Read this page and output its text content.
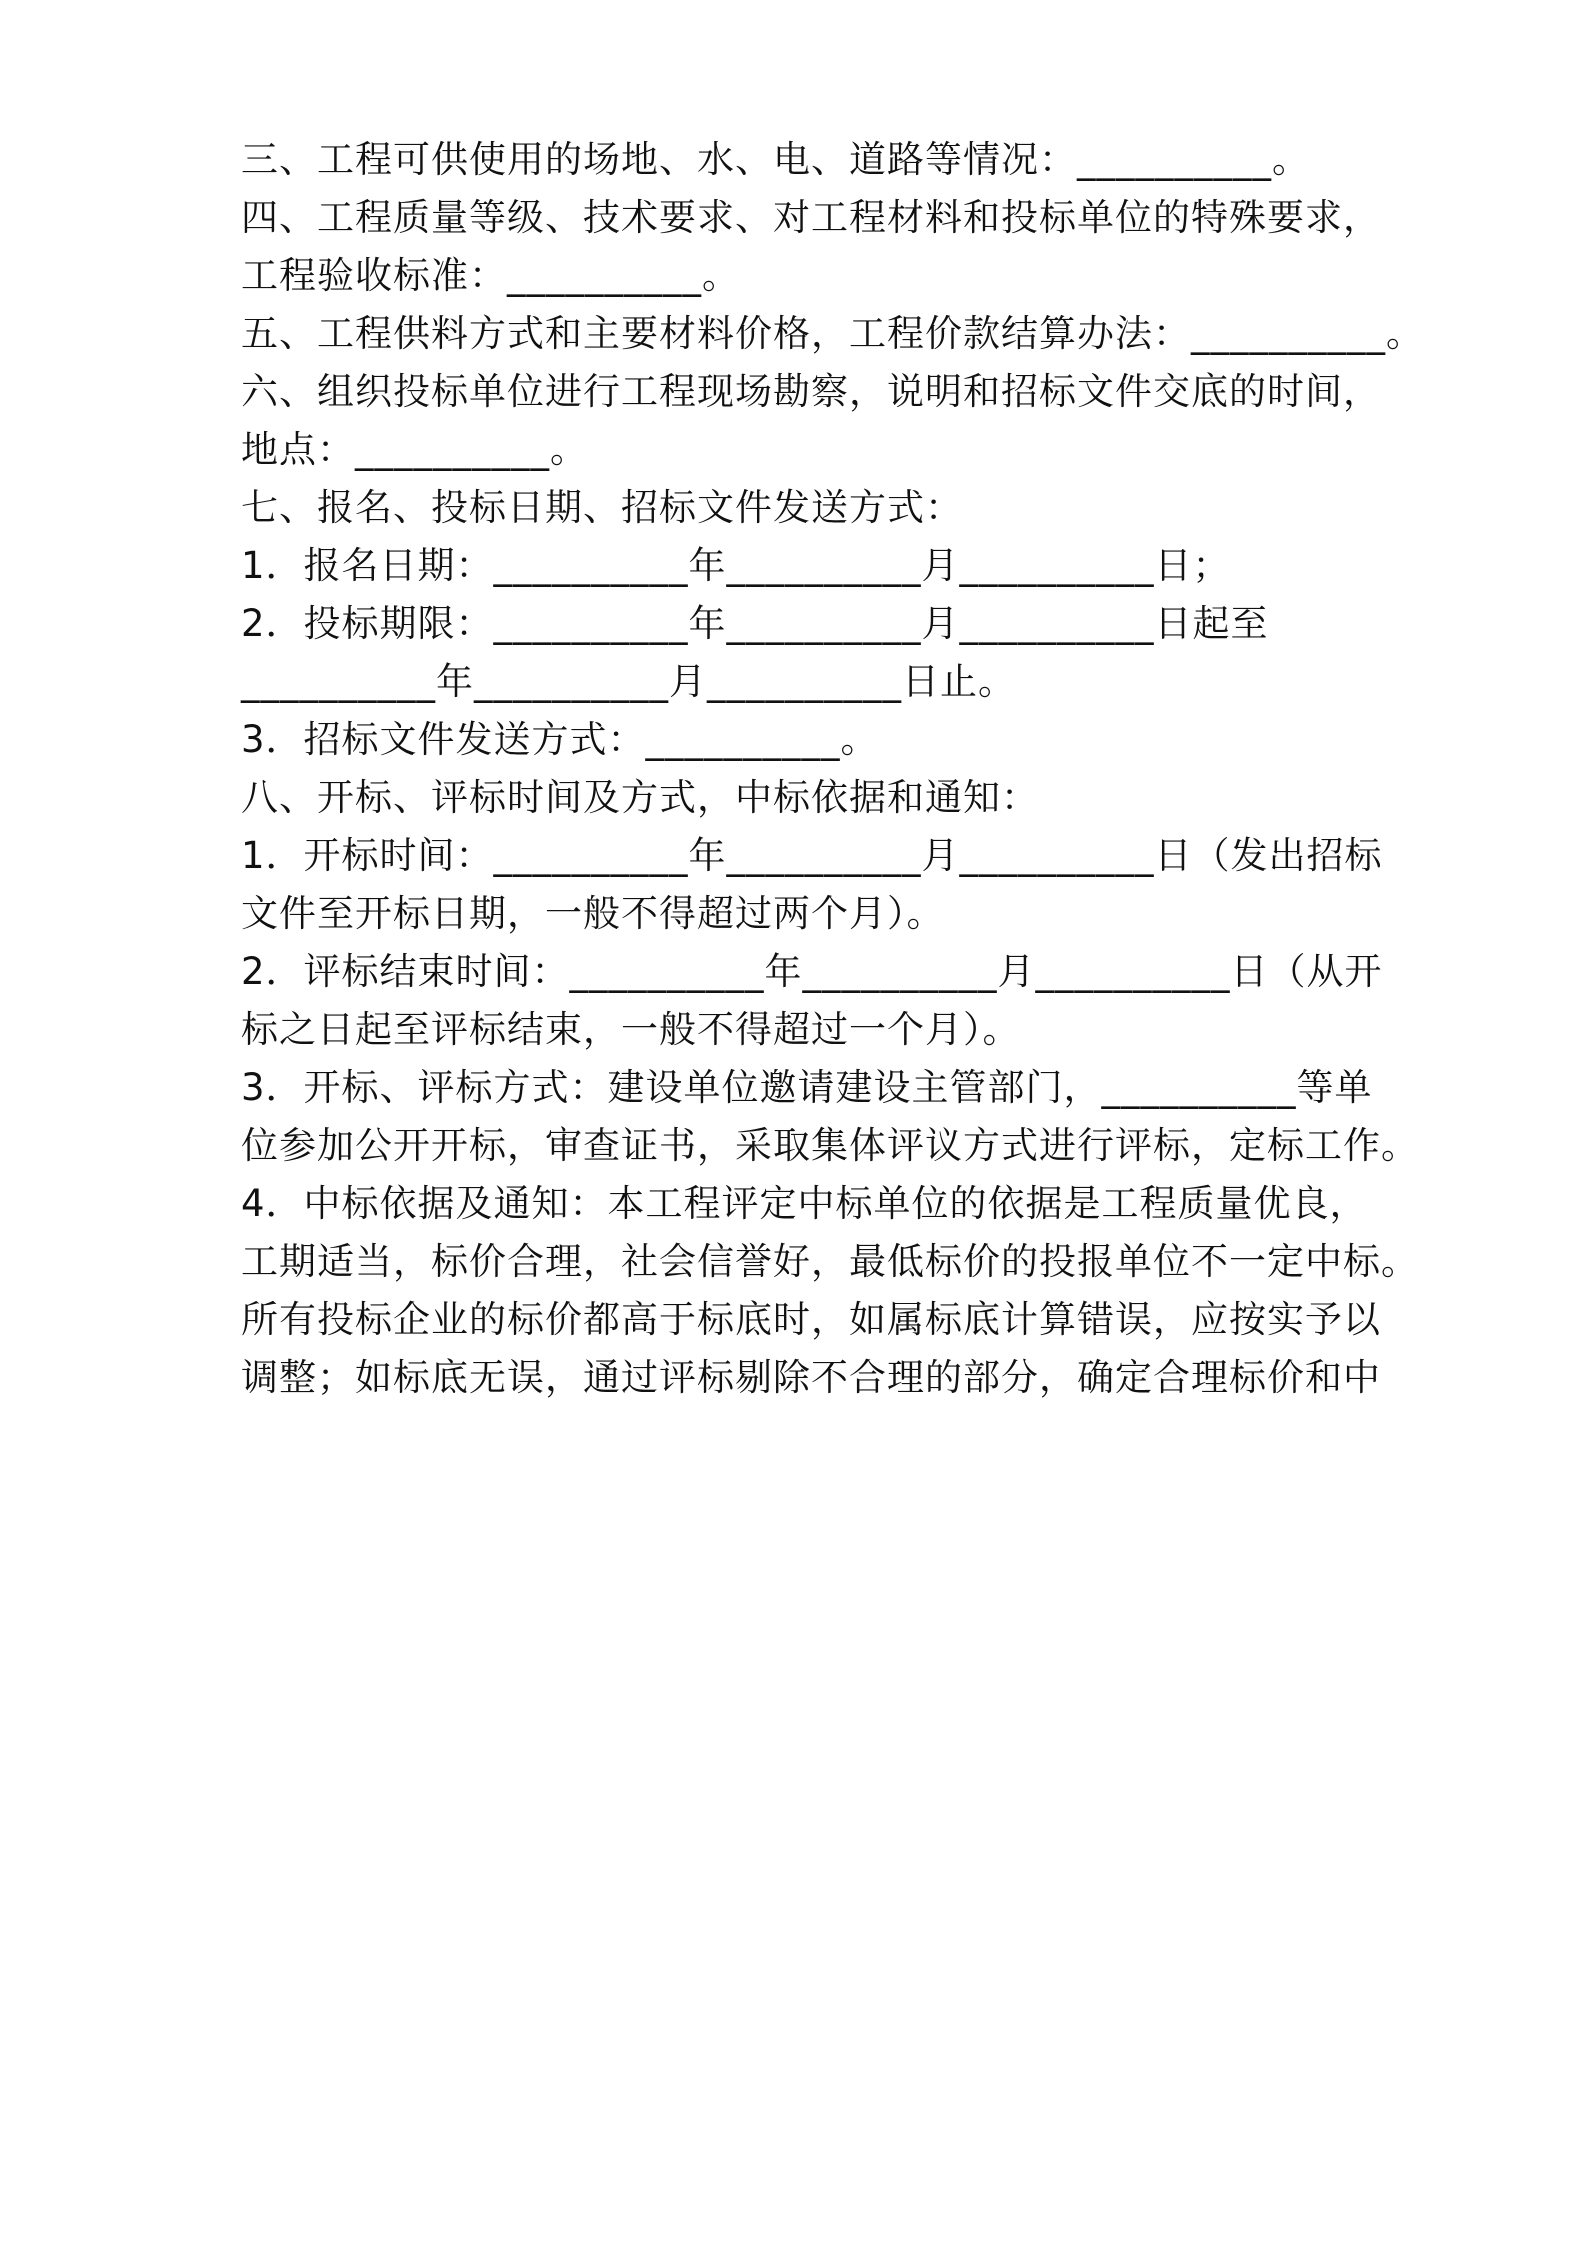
三、工程可供使用的场地、水、电、道路等情况：__________。
四、工程质量等级、技术要求、对工程材料和投标单位的特殊要求，
工程验收标准：__________。
五、工程供料方式和主要材料价格，工程价款结算办法：__________。
六、组织投标单位进行工程现场勘察，说明和招标文件交底的时间，
地点：__________。
七、报名、投标日期、招标文件发送方式：
1．报名日期：__________年__________月__________日；
2．投标期限：__________年__________月__________日起至
__________年__________月__________日止。
3．招标文件发送方式：__________。
八、开标、评标时间及方式，中标依据和通知：
1．开标时间：__________年__________月__________日（发出招标
文件至开标日期，一般不得超过两个月）。
2．评标结束时间：__________年__________月__________日（从开
标之日起至评标结束，一般不得超过一个月）。
3．开标、评标方式：建设单位邀请建设主管部门，__________等单
位参加公开开标，审查证书，采取集体评议方式进行评标，定标工作。
4．中标依据及通知：本工程评定中标单位的依据是工程质量优良，
工期适当，标价合理，社会信誉好，最低标价的投报单位不一定中标。
所有投标企业的标价都高于标底时，如属标底计算错误，应按实予以
调整；如标底无误，通过评标剔除不合理的部分，确定合理标价和中
